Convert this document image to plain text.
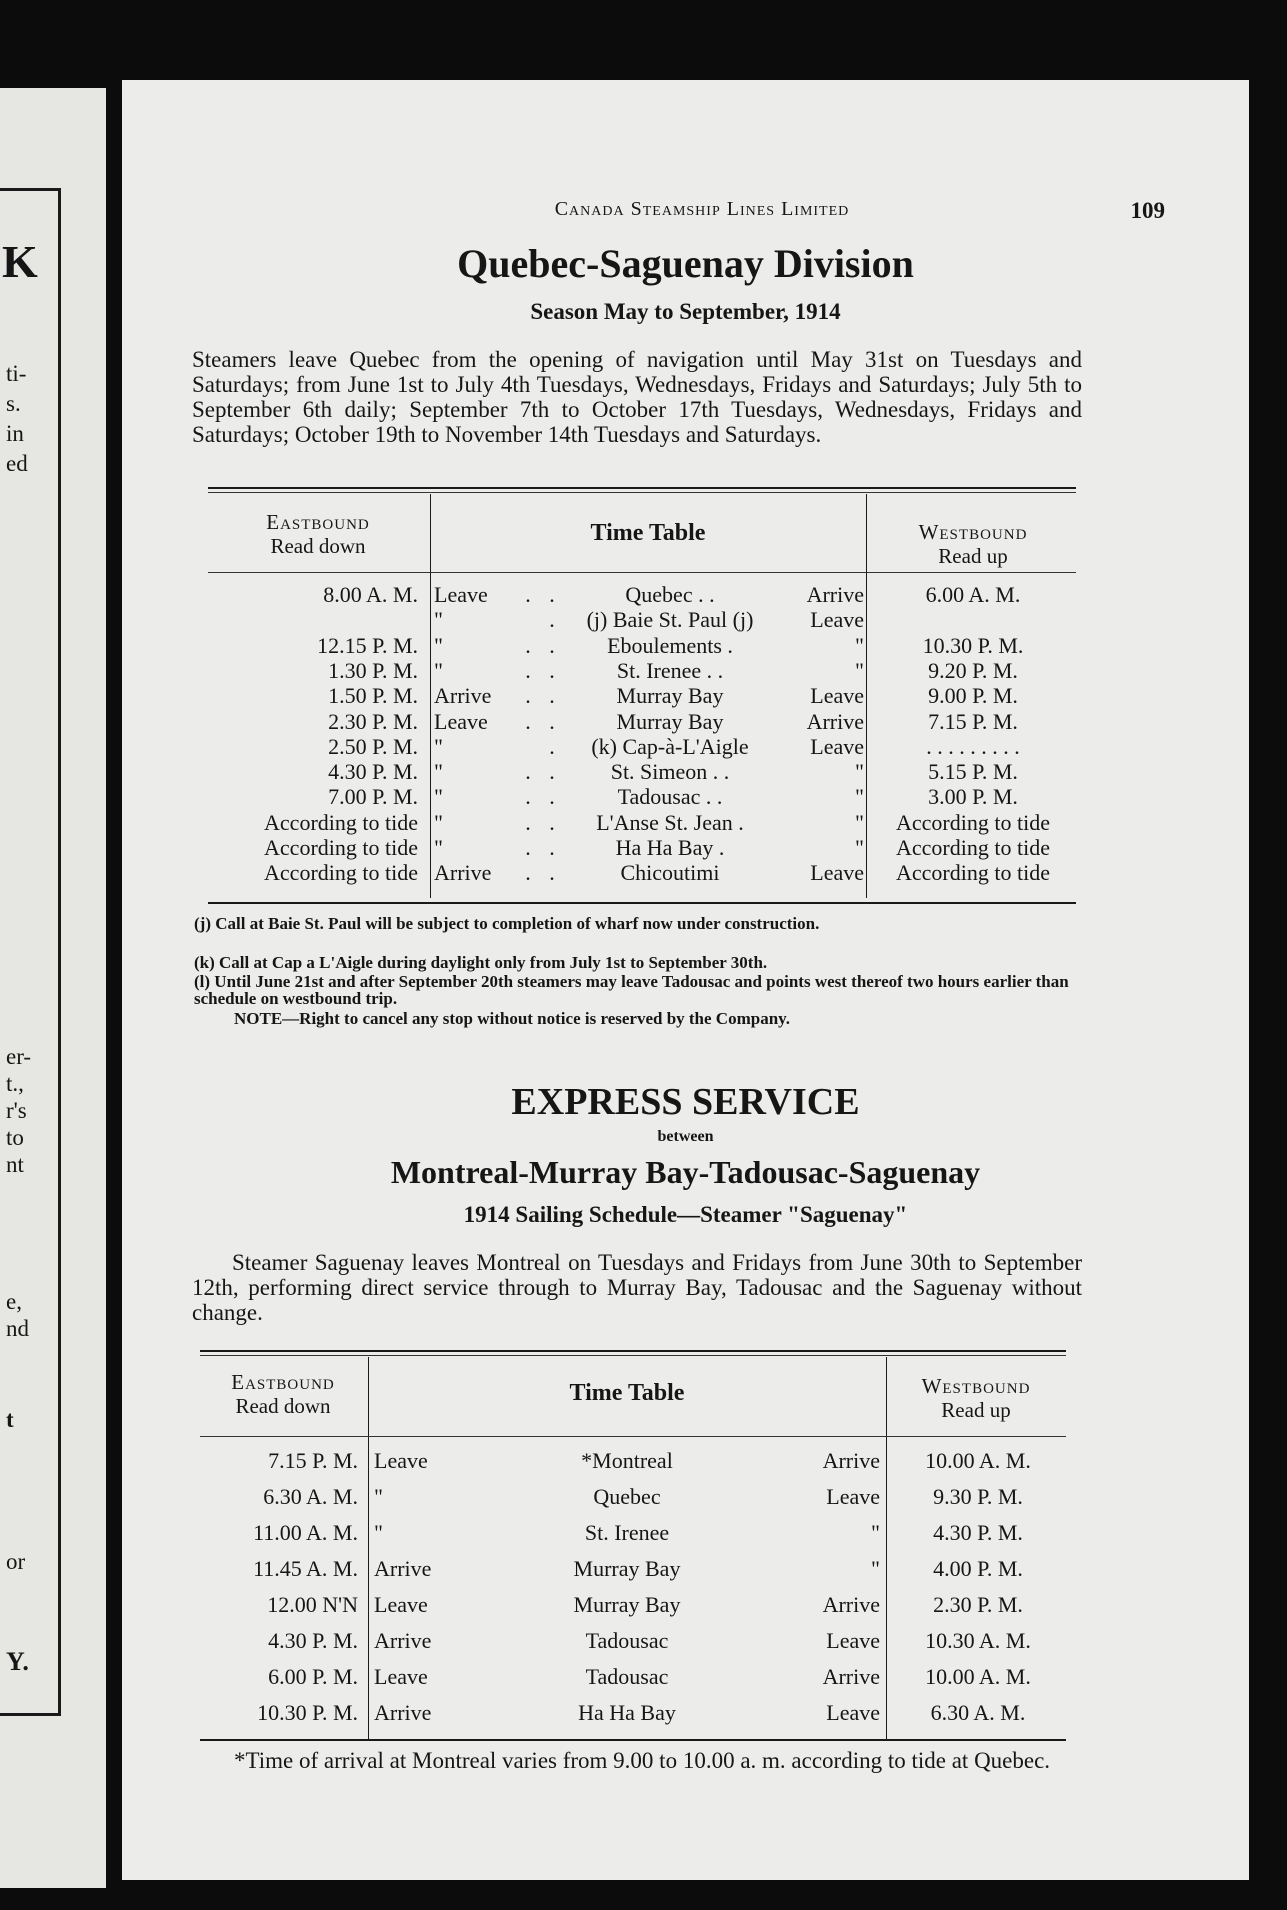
K
ti-
s.
in
ed
er-
t.,
r's
to
nt
e,
nd
t
or
Y.
Canada Steamship Lines Limited	109
Quebec-Saguenay Division
Season May to September, 1914
Steamers leave Quebec from the opening of navigation until May 31st on Tuesdays and Saturdays; from June 1st to July 4th Tuesdays, Wednesdays, Fridays and Saturdays; July 5th to September 6th daily; September 7th to October 17th Tuesdays, Wednesdays, Fridays and Saturdays; October 19th to November 14th Tuesdays and Saturdays.
Eastbound
Read down	Time Table	Westbound
Read up
8.00 A. M. Leave	. .	Quebec . .	Arrive	6.00 A. M.
"	.	(j) Baie St. Paul (j)	Leave
12.15 P. M. "	. .	Eboulements .	"	10.30 P. M.
1.30 P. M. "	. .	St. Irenee . .	"	9.20 P. M.
1.50 P. M. Arrive	. .	Murray Bay	Leave	9.00 P. M.
2.30 P. M. Leave	. .	Murray Bay	Arrive	7.15 P. M.
2.50 P. M. "	.	(k) Cap-à-L'Aigle	Leave	. . . . . . . . .
4.30 P. M. "	. .	St. Simeon . .	"	5.15 P. M.
7.00 P. M. "	. .	Tadousac . .	"	3.00 P. M.
According to tide "	. .	L'Anse St. Jean .	"	According to tide
According to tide "	. .	Ha Ha Bay .	"	According to tide
According to tide Arrive	. .	Chicoutimi	Leave	According to tide
(j) Call at Baie St. Paul will be subject to completion of wharf now under construction.
(k) Call at Cap a L'Aigle during daylight only from July 1st to September 30th.
(l) Until June 21st and after September 20th steamers may leave Tadousac and points west thereof two hours earlier than schedule on westbound trip.
NOTE—Right to cancel any stop without notice is reserved by the Company.
EXPRESS SERVICE
between
Montreal-Murray Bay-Tadousac-Saguenay
1914 Sailing Schedule—Steamer "Saguenay"
Steamer Saguenay leaves Montreal on Tuesdays and Fridays from June 30th to September 12th, performing direct service through to Murray Bay, Tadousac and the Saguenay without change.
Eastbound
Read down	Time Table	Westbound
Read up
7.15 P. M. Leave	*Montreal	Arrive	10.00 A. M.
6.30 A. M. "	Quebec	Leave	9.30 P. M.
11.00 A. M. "	St. Irenee	"	4.30 P. M.
11.45 A. M. Arrive	Murray Bay	"	4.00 P. M.
12.00 N'N Leave	Murray Bay	Arrive	2.30 P. M.
4.30 P. M. Arrive	Tadousac	Leave	10.30 A. M.
6.00 P. M. Leave	Tadousac	Arrive	10.00 A. M.
10.30 P. M. Arrive	Ha Ha Bay	Leave	6.30 A. M.
*Time of arrival at Montreal varies from 9.00 to 10.00 a. m. according to tide at Quebec.
